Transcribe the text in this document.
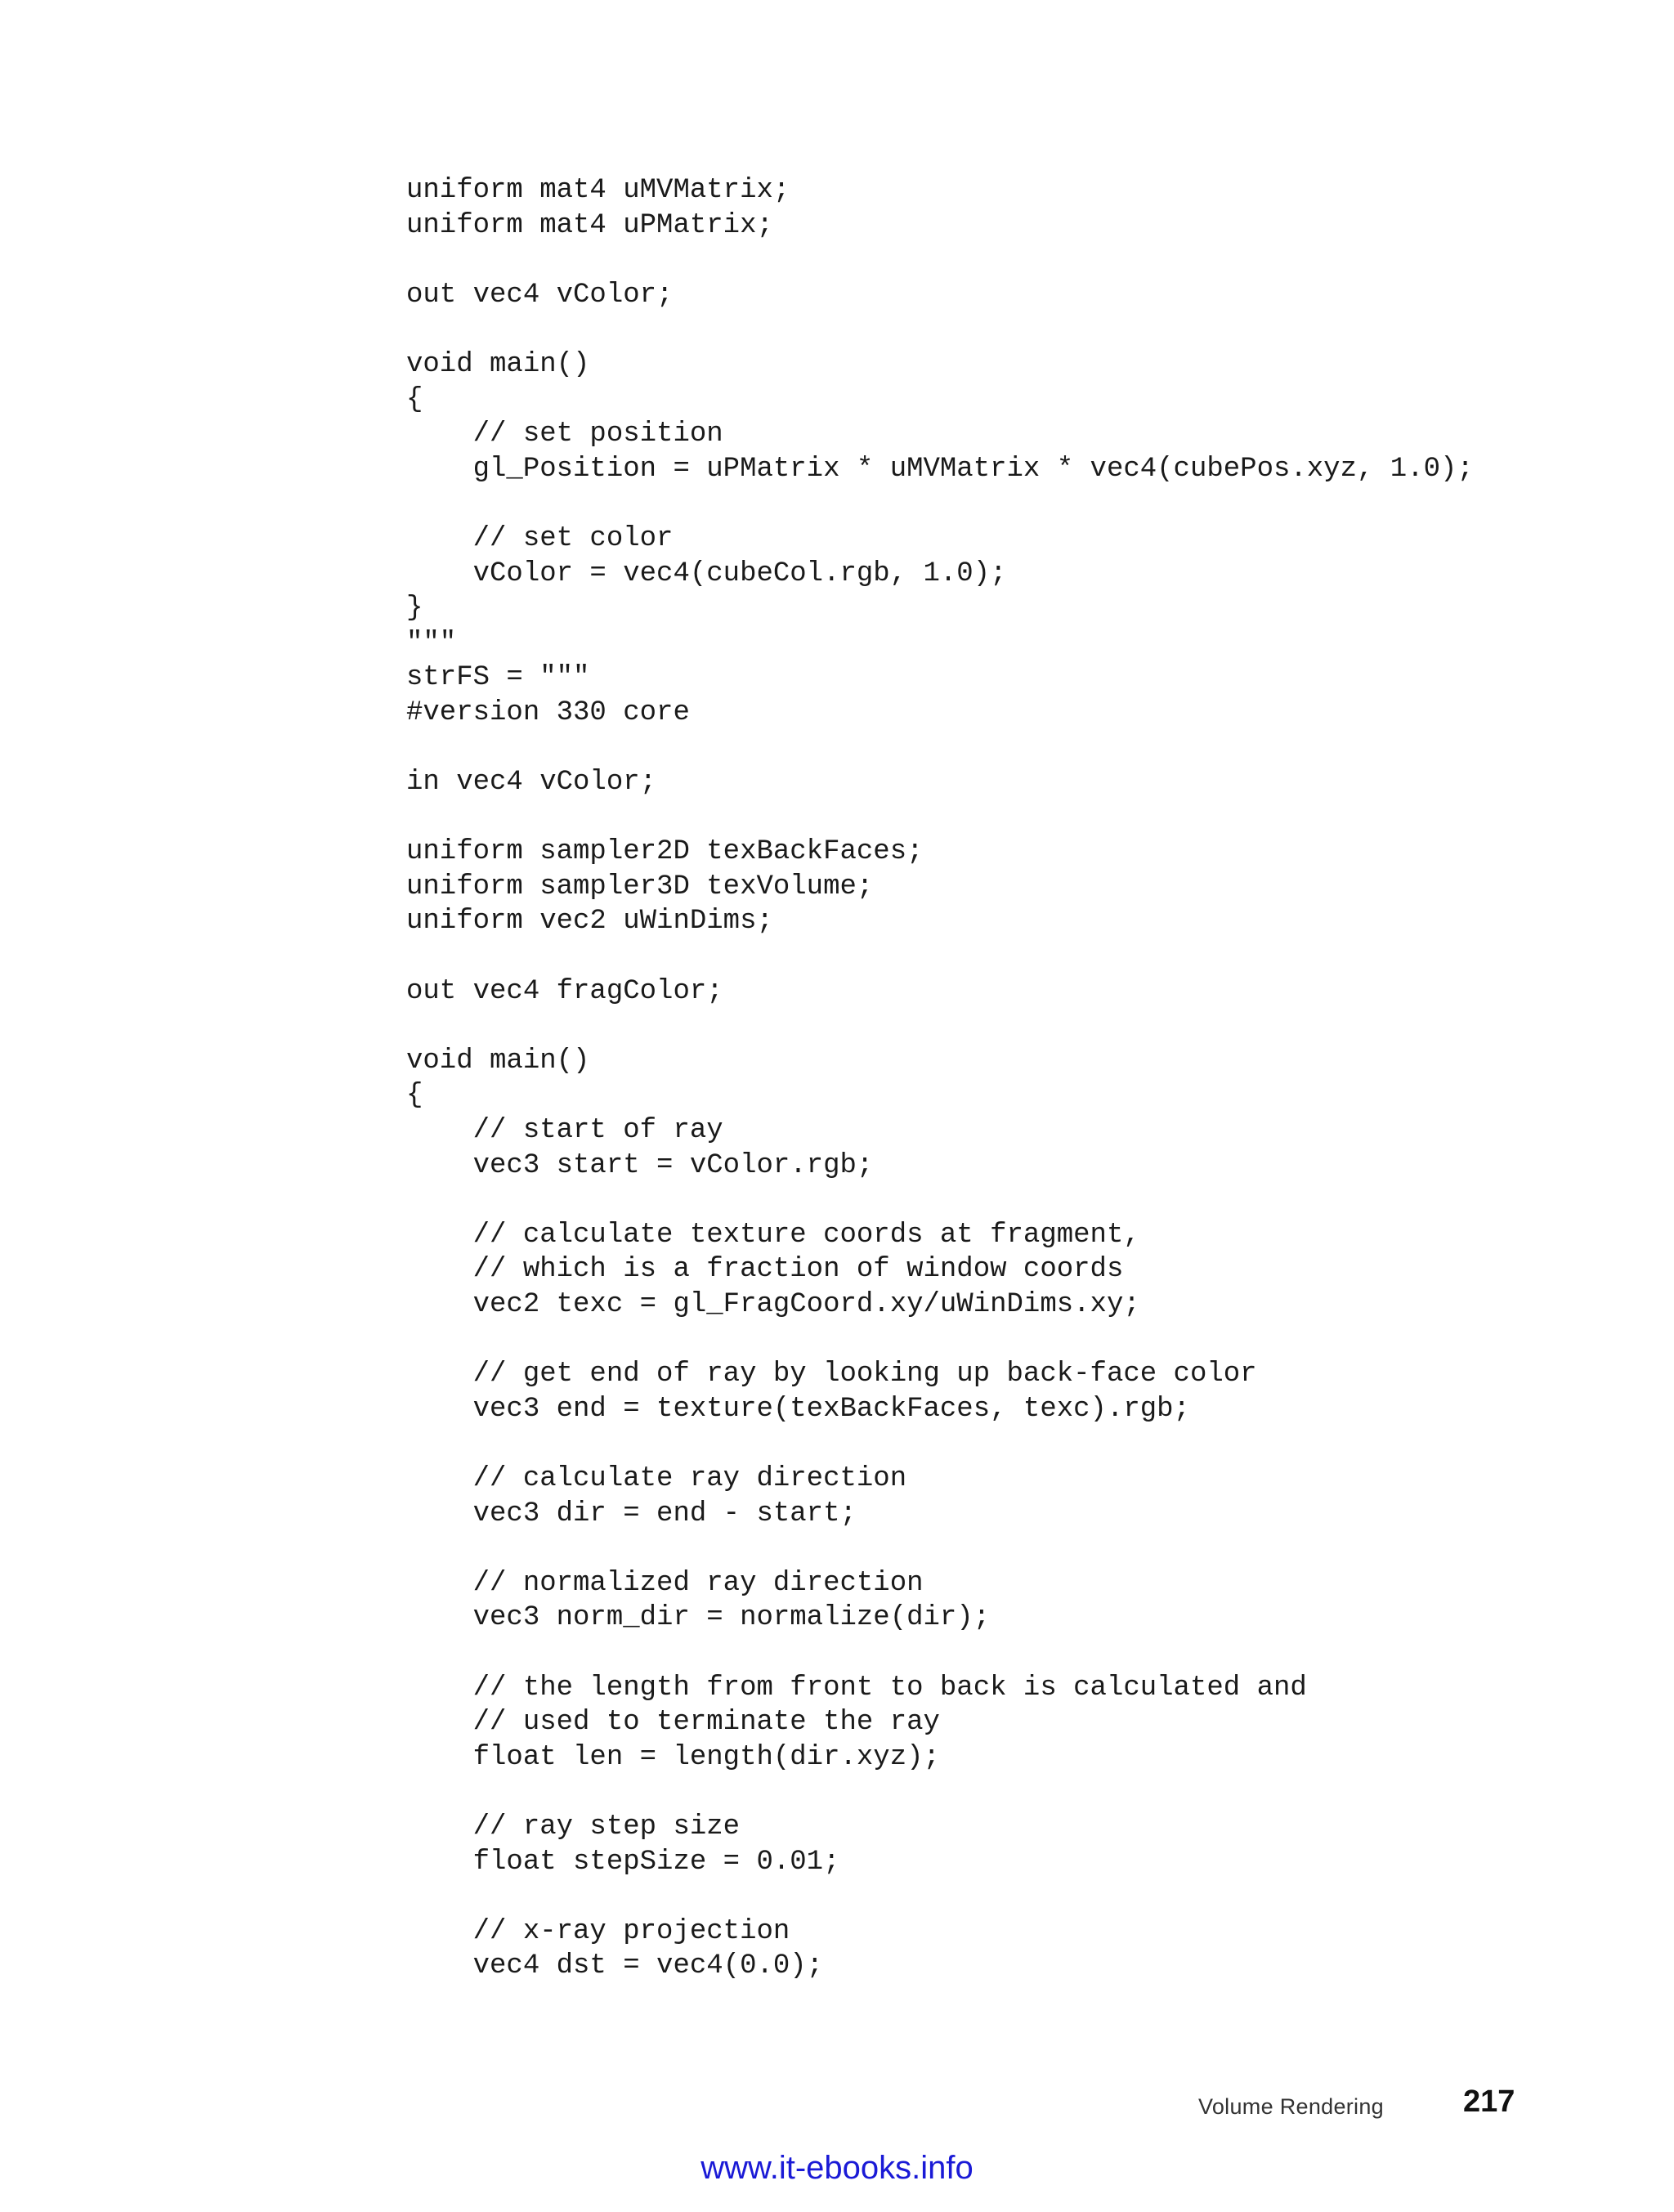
uniform mat4 uMVMatrix;
uniform mat4 uPMatrix;
out vec4 vColor;
void main()
{
// set position
gl_Position = uPMatrix * uMVMatrix * vec4(cubePos.xyz, 1.0);
// set color
vColor = vec4(cubeCol.rgb, 1.0);
}
"""
strFS = """
#version 330 core
in vec4 vColor;
uniform sampler2D texBackFaces;
uniform sampler3D texVolume;
uniform vec2 uWinDims;
out vec4 fragColor;
void main()
{
// start of ray
vec3 start = vColor.rgb;
// calculate texture coords at fragment,
// which is a fraction of window coords
vec2 texc = gl_FragCoord.xy/uWinDims.xy;
// get end of ray by looking up back-face color
vec3 end = texture(texBackFaces, texc).rgb;
// calculate ray direction
vec3 dir = end - start;
// normalized ray direction
vec3 norm_dir = normalize(dir);
// the length from front to back is calculated and
// used to terminate the ray
float len = length(dir.xyz);
// ray step size
float stepSize = 0.01;
// x-ray projection
vec4 dst = vec4(0.0);
Volume Rendering	217
www.it-ebooks.info
